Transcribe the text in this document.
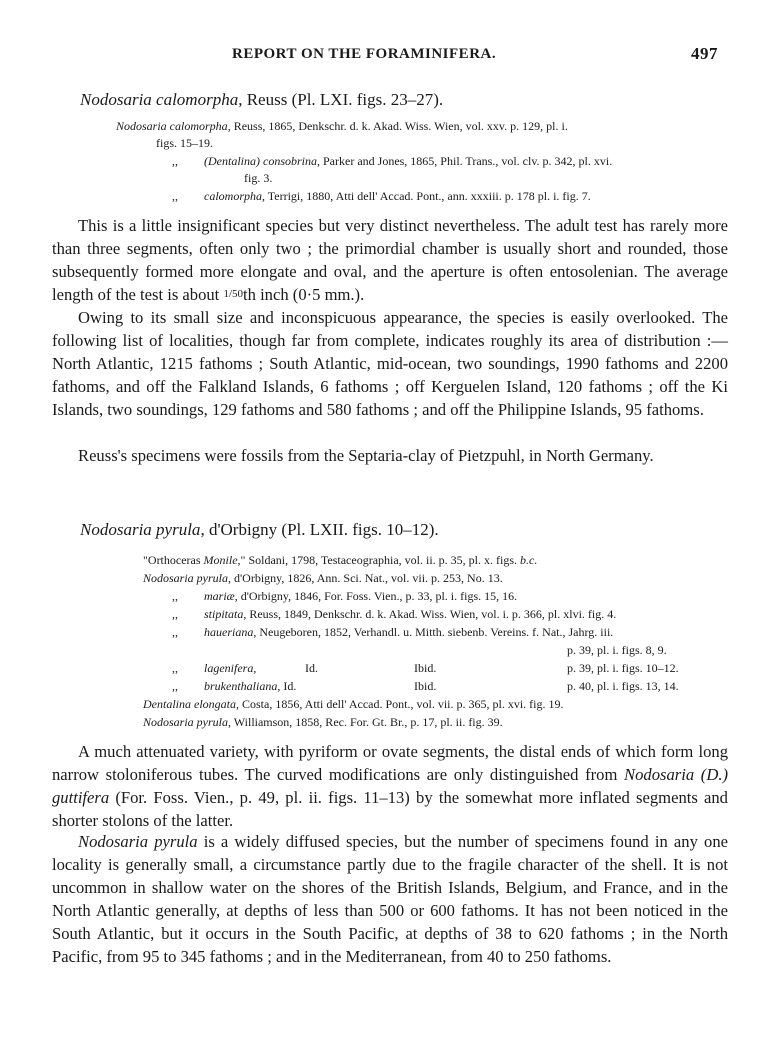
REPORT ON THE FORAMINIFERA.	497
Nodosaria calomorpha, Reuss (Pl. LXI. figs. 23–27).
Nodosaria calomorpha, Reuss, 1865, Denkschr. d. k. Akad. Wiss. Wien, vol. xxv. p. 129, pl. i.
figs. 15–19.
,, (Dentalina) consobrina, Parker and Jones, 1865, Phil. Trans., vol. clv. p. 342, pl. xvi.
fig. 3.
,, calomorpha, Terrigi, 1880, Atti dell' Accad. Pont., ann. xxxiii. p. 178 pl. i. fig. 7.

This is a little insignificant species but very distinct nevertheless. The adult test has rarely more than three segments, often only two ; the primordial chamber is usually short and rounded, those subsequently formed more elongate and oval, and the aperture is often entosolenian. The average length of the test is about 1/50th inch (0·5 mm.).

Owing to its small size and inconspicuous appearance, the species is easily overlooked. The following list of localities, though far from complete, indicates roughly its area of distribution :—North Atlantic, 1215 fathoms ; South Atlantic, mid-ocean, two soundings, 1990 fathoms and 2200 fathoms, and off the Falkland Islands, 6 fathoms ; off Kerguelen Island, 120 fathoms ; off the Ki Islands, two soundings, 129 fathoms and 580 fathoms ; and off the Philippine Islands, 95 fathoms.

Reuss's specimens were fossils from the Septaria-clay of Pietzpuhl, in North Germany.

Nodosaria pyrula, d'Orbigny (Pl. LXII. figs. 10–12).
"Orthoceras Monile," Soldani, 1798, Testaceographia, vol. ii. p. 35, pl. x. figs. b.c.
Nodosaria pyrula, d'Orbigny, 1826, Ann. Sci. Nat., vol. vii. p. 253, No. 13.
,, mariæ, d'Orbigny, 1846, For. Foss. Vien., p. 33, pl. i. figs. 15, 16.
,, stipitata, Reuss, 1849, Denkschr. d. k. Akad. Wiss. Wien, vol. i. p. 366, pl. xlvi. fig. 4.
,, haueriana, Neugeboren, 1852, Verhandl. u. Mitth. siebenb. Vereins. f. Nat., Jahrg. iii.
p. 39, pl. i. figs. 8, 9.
,, lagenifera,	Id.	Ibid.	p. 39, pl. i. figs. 10–12.
,, brukenthaliana, Id.	Ibid.	p. 40, pl. i. figs. 13, 14.
Dentalina elongata, Costa, 1856, Atti dell' Accad. Pont., vol. vii. p. 365, pl. xvi. fig. 19.
Nodosaria pyrula, Williamson, 1858, Rec. For. Gt. Br., p. 17, pl. ii. fig. 39.

A much attenuated variety, with pyriform or ovate segments, the distal ends of which form long narrow stoloniferous tubes. The curved modifications are only distinguished from Nodosaria (D.) guttifera (For. Foss. Vien., p. 49, pl. ii. figs. 11–13) by the somewhat more inflated segments and shorter stolons of the latter.

Nodosaria pyrula is a widely diffused species, but the number of specimens found in any one locality is generally small, a circumstance partly due to the fragile character of the shell. It is not uncommon in shallow water on the shores of the British Islands, Belgium, and France, and in the North Atlantic generally, at depths of less than 500 or 600 fathoms. It has not been noticed in the South Atlantic, but it occurs in the South Pacific, at depths of 38 to 620 fathoms ; in the North Pacific, from 95 to 345 fathoms ; and in the Mediterranean, from 40 to 250 fathoms.
